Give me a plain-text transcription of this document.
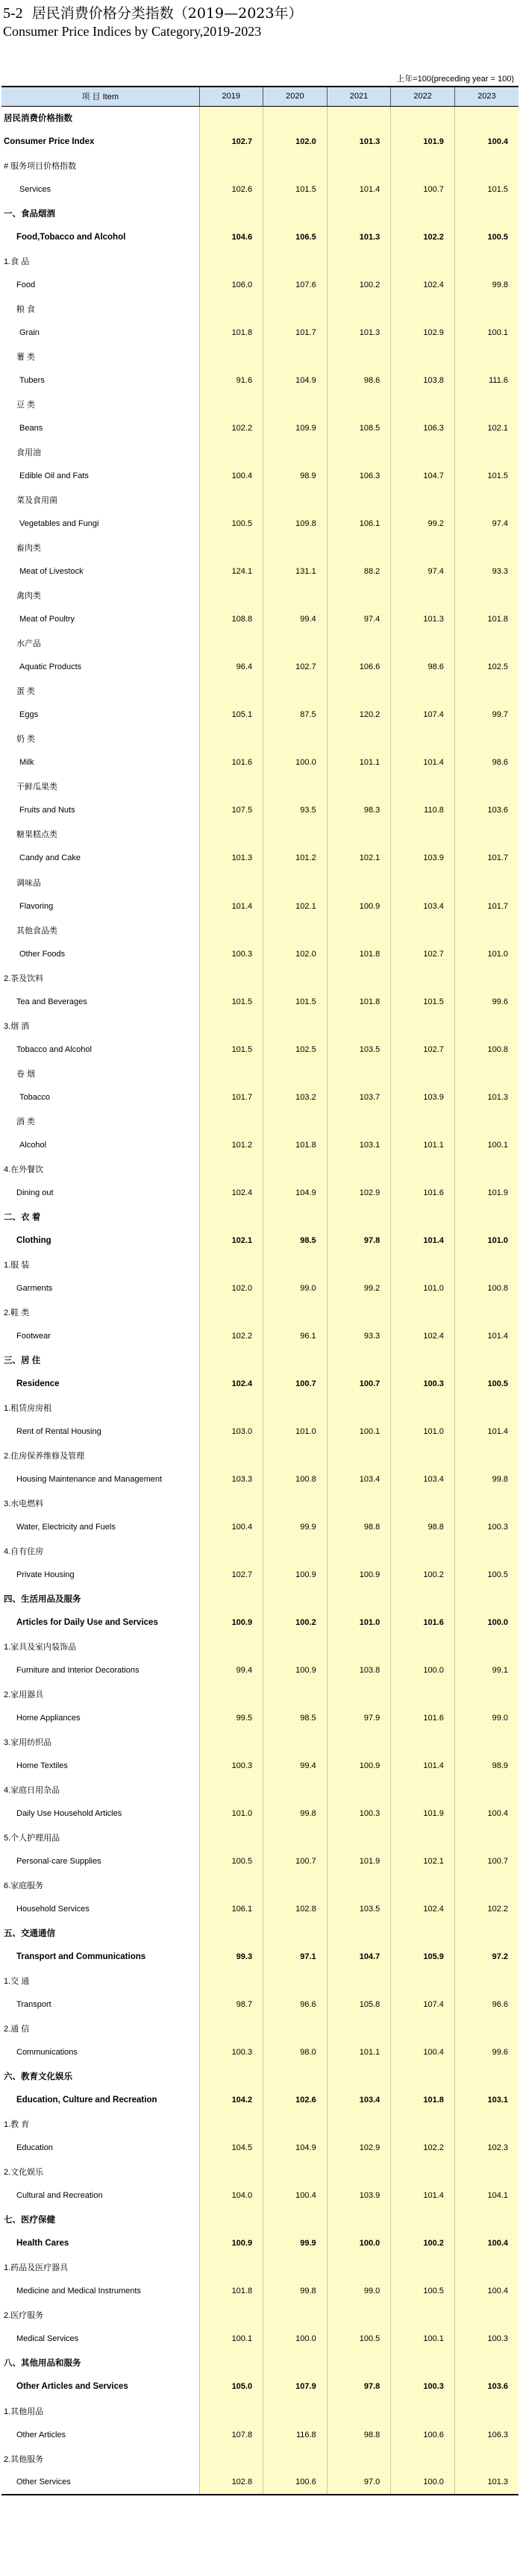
5-2 居民消费价格分类指数（2019—2023年）
Consumer Price Indices by Category,2019-2023
上年=100(preceding year = 100)
项 目 Item	2019	2020	2021	2022	2023
居民消费价格指数					
Consumer Price Index	102.7	102.0	101.3	101.9	100.4
# 服务项目价格指数					
Services	102.6	101.5	101.4	100.7	101.5
一、食品烟酒					
Food,Tobacco and Alcohol	104.6	106.5	101.3	102.2	100.5
1.食 品					
Food	106.0	107.6	100.2	102.4	99.8
粮 食					
Grain	101.8	101.7	101.3	102.9	100.1
薯 类					
Tubers	91.6	104.9	98.6	103.8	111.6
豆 类					
Beans	102.2	109.9	108.5	106.3	102.1
食用油					
Edible Oil and Fats	100.4	98.9	106.3	104.7	101.5
菜及食用菌					
Vegetables and Fungi	100.5	109.8	106.1	99.2	97.4
畜肉类					
Meat of Livestock	124.1	131.1	88.2	97.4	93.3
禽肉类					
Meat of Poultry	108.8	99.4	97.4	101.3	101.8
水产品					
Aquatic Products	96.4	102.7	106.6	98.6	102.5
蛋 类					
Eggs	105.1	87.5	120.2	107.4	99.7
奶 类					
Milk	101.6	100.0	101.1	101.4	98.6
干鲜瓜果类					
Fruits and Nuts	107.5	93.5	98.3	110.8	103.6
糖果糕点类					
Candy and Cake	101.3	101.2	102.1	103.9	101.7
调味品					
Flavoring	101.4	102.1	100.9	103.4	101.7
其他食品类					
Other Foods	100.3	102.0	101.8	102.7	101.0
2.茶及饮料					
Tea and Beverages	101.5	101.5	101.8	101.5	99.6
3.烟 酒					
Tobacco and Alcohol	101.5	102.5	103.5	102.7	100.8
卷 烟					
Tobacco	101.7	103.2	103.7	103.9	101.3
酒 类					
Alcohol	101.2	101.8	103.1	101.1	100.1
4.在外餐饮					
Dining out	102.4	104.9	102.9	101.6	101.9
二、衣 着					
Clothing	102.1	98.5	97.8	101.4	101.0
1.服 装					
Garments	102.0	99.0	99.2	101.0	100.8
2.鞋 类					
Footwear	102.2	96.1	93.3	102.4	101.4
三、居 住					
Residence	102.4	100.7	100.7	100.3	100.5
1.租赁房房租					
Rent of Rental Housing	103.0	101.0	100.1	101.0	101.4
2.住房保养维修及管理					
Housing Maintenance and Management	103.3	100.8	103.4	103.4	99.8
3.水电燃料					
Water, Electricity and Fuels	100.4	99.9	98.8	98.8	100.3
4.自有住房					
Private Housing	102.7	100.9	100.9	100.2	100.5
四、生活用品及服务					
Articles for Daily Use and Services	100.9	100.2	101.0	101.6	100.0
1.家具及室内装饰品					
Furniture and Interior Decorations	99.4	100.9	103.8	100.0	99.1
2.家用器具					
Home Appliances	99.5	98.5	97.9	101.6	99.0
3.家用纺织品					
Home Textiles	100.3	99.4	100.9	101.4	98.9
4.家庭日用杂品					
Daily Use Household Articles	101.0	99.8	100.3	101.9	100.4
5.个人护理用品					
Personal-care Supplies	100.5	100.7	101.9	102.1	100.7
6.家庭服务					
Household Services	106.1	102.8	103.5	102.4	102.2
五、交通通信					
Transport and Communications	99.3	97.1	104.7	105.9	97.2
1.交 通					
Transport	98.7	96.6	105.8	107.4	96.6
2.通 信					
Communications	100.3	98.0	101.1	100.4	99.6
六、教育文化娱乐					
Education, Culture and Recreation	104.2	102.6	103.4	101.8	103.1
1.教 育					
Education	104.5	104.9	102.9	102.2	102.3
2.文化娱乐					
Cultural and Recreation	104.0	100.4	103.9	101.4	104.1
七、医疗保健					
Health Cares	100.9	99.9	100.0	100.2	100.4
1.药品及医疗器具					
Medicine and Medical Instruments	101.8	99.8	99.0	100.5	100.4
2.医疗服务					
Medical Services	100.1	100.0	100.5	100.1	100.3
八、其他用品和服务					
Other Articles and Services	105.0	107.9	97.8	100.3	103.6
1.其他用品					
Other Articles	107.8	116.8	98.8	100.6	106.3
2.其他服务					
Other Services	102.8	100.6	97.0	100.0	101.3
